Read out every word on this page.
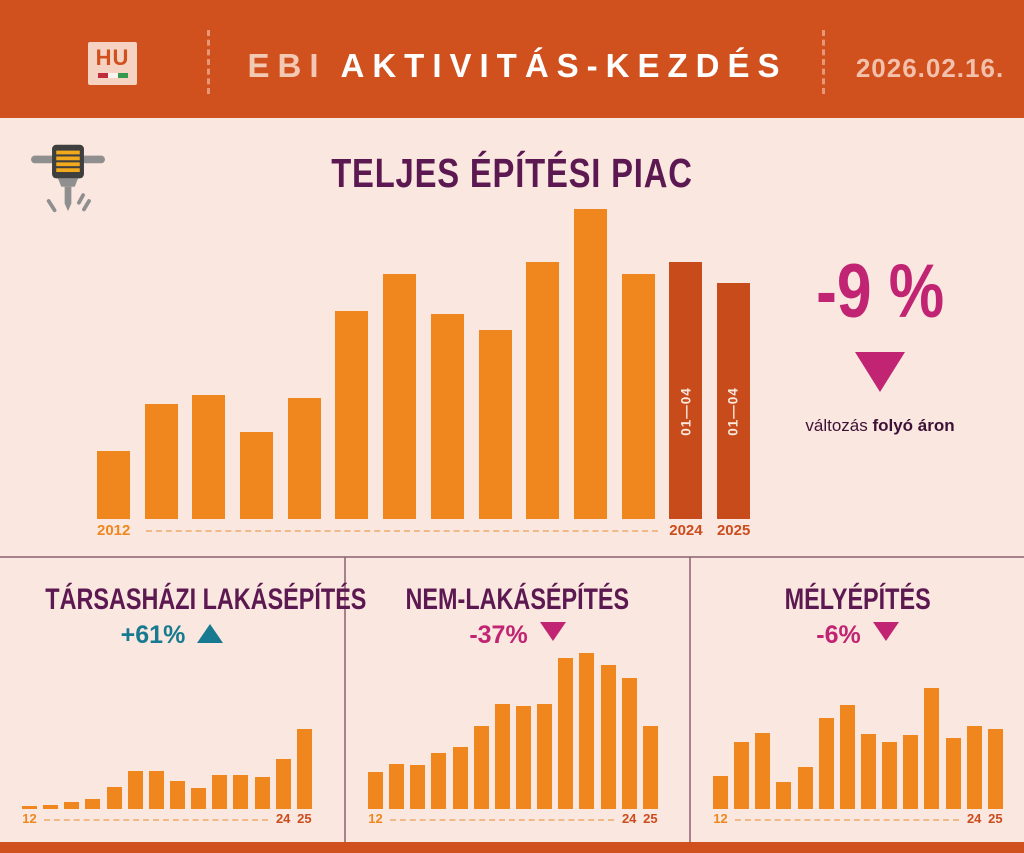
HU	EBI AKTIVITÁS-KEZDÉS	2026.02.16.
TELJES ÉPÍTÉSI PIAC
01—04 01—04
2012	2024 2025
-9 %
változás folyó áron
TÁRSASHÁZI LAKÁSÉPÍTÉS
+61%
12	24 25
NEM-LAKÁSÉPÍTÉS
-37%
12	24 25
MÉLYÉPÍTÉS
-6%
12	24 25
